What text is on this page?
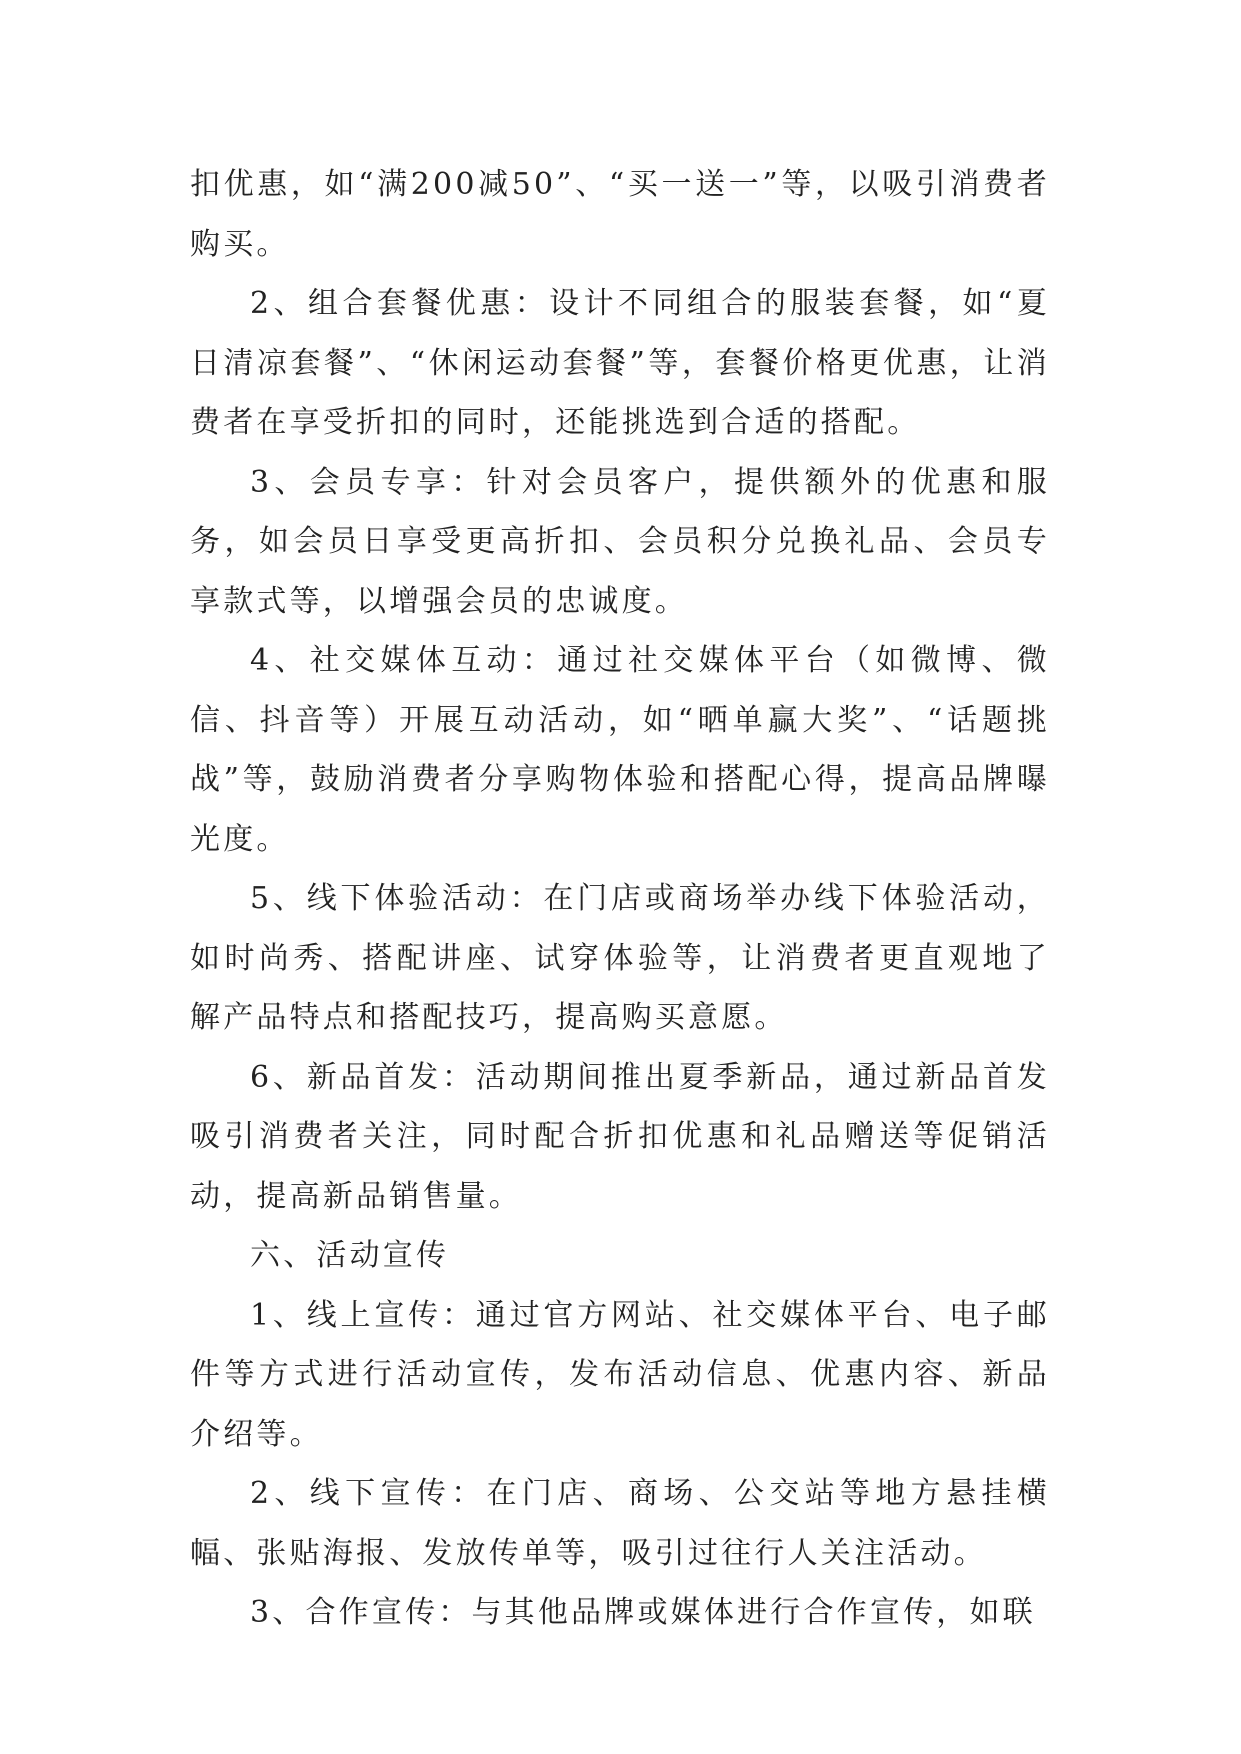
扣优惠，如“满200减50”、“买一送一”等，以吸引消费者购买。

2、组合套餐优惠：设计不同组合的服装套餐，如“夏日清凉套餐”、“休闲运动套餐”等，套餐价格更优惠，让消费者在享受折扣的同时，还能挑选到合适的搭配。

3、会员专享：针对会员客户，提供额外的优惠和服务，如会员日享受更高折扣、会员积分兑换礼品、会员专享款式等，以增强会员的忠诚度。

4、社交媒体互动：通过社交媒体平台（如微博、微信、抖音等）开展互动活动，如“晒单赢大奖”、“话题挑战”等，鼓励消费者分享购物体验和搭配心得，提高品牌曝光度。

5、线下体验活动：在门店或商场举办线下体验活动，如时尚秀、搭配讲座、试穿体验等，让消费者更直观地了解产品特点和搭配技巧，提高购买意愿。

6、新品首发：活动期间推出夏季新品，通过新品首发吸引消费者关注，同时配合折扣优惠和礼品赠送等促销活动，提高新品销售量。

六、活动宣传

1、线上宣传：通过官方网站、社交媒体平台、电子邮件等方式进行活动宣传，发布活动信息、优惠内容、新品介绍等。

2、线下宣传：在门店、商场、公交站等地方悬挂横幅、张贴海报、发放传单等，吸引过往行人关注活动。

3、合作宣传：与其他品牌或媒体进行合作宣传，如联
